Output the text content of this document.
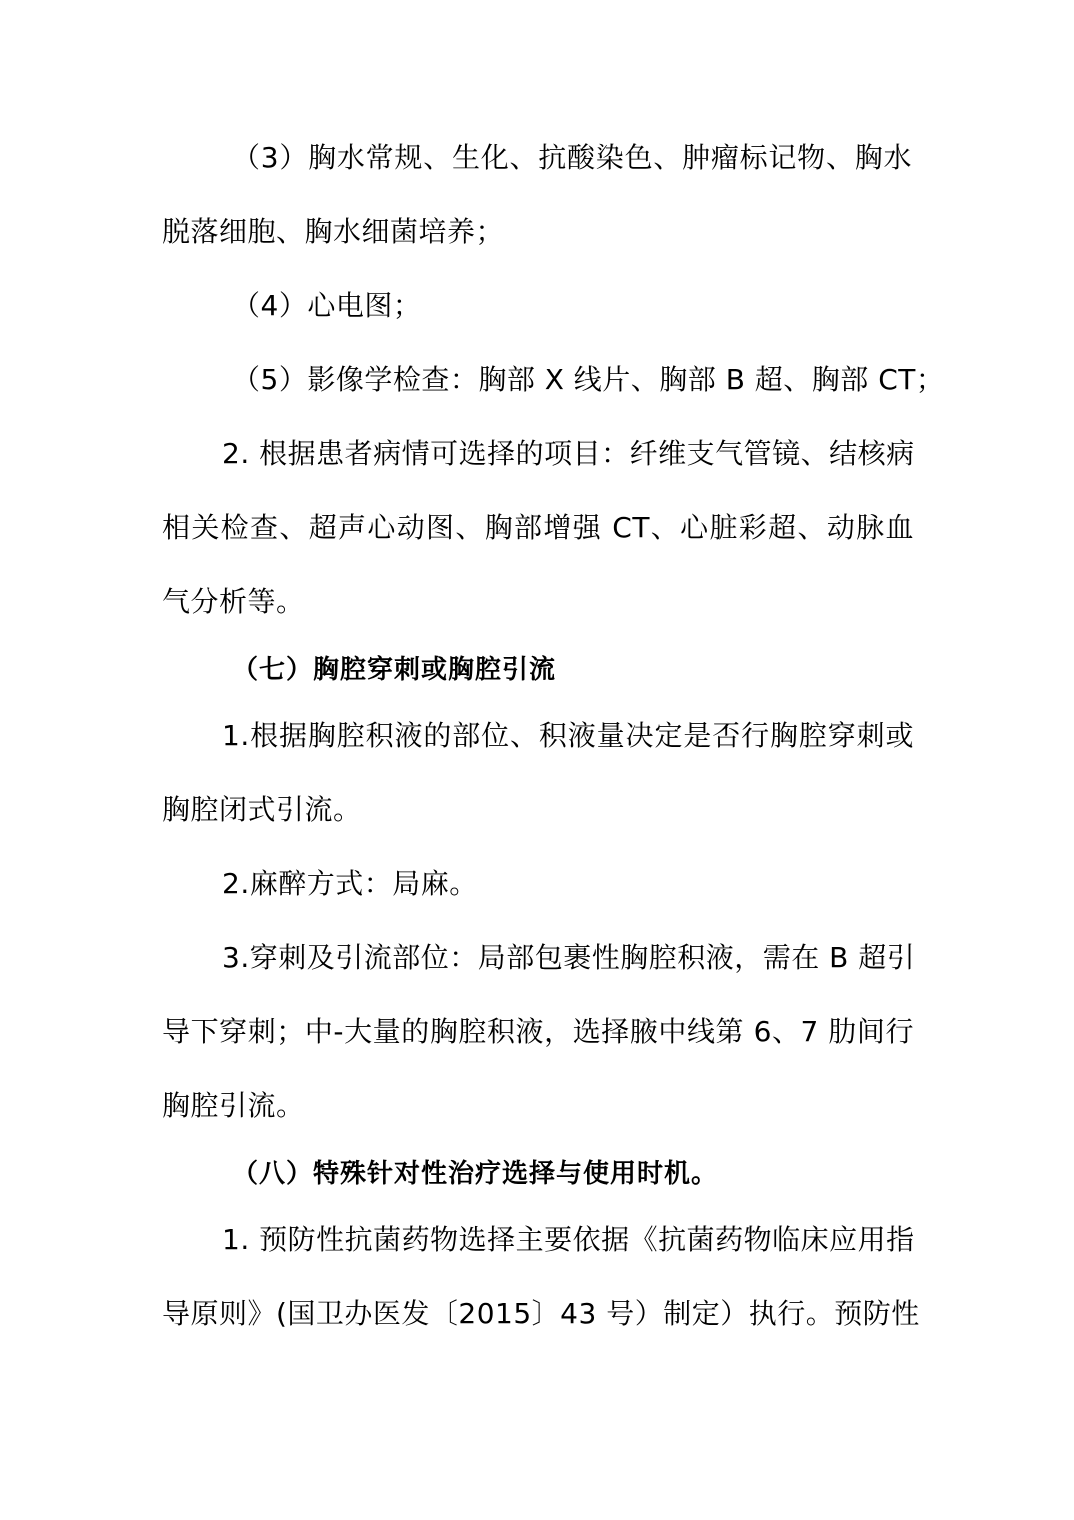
（3）胸水常规、生化、抗酸染色、肿瘤标记物、胸水
脱落细胞、胸水细菌培养；
（4）心电图；
（5）影像学检查：胸部 X 线片、胸部 B 超、胸部 CT；
2. 根据患者病情可选择的项目：纤维支气管镜、结核病
相关检查、超声心动图、胸部增强 CT、心脏彩超、动脉血
气分析等。
（七）胸腔穿刺或胸腔引流
1.根据胸腔积液的部位、积液量决定是否行胸腔穿刺或
胸腔闭式引流。
2.麻醉方式：局麻。
3.穿刺及引流部位：局部包裹性胸腔积液，需在 B 超引
导下穿刺；中-大量的胸腔积液，选择腋中线第 6、7 肋间行
胸腔引流。
（八）特殊针对性治疗选择与使用时机。
1. 预防性抗菌药物选择主要依据《抗菌药物临床应用指
导原则》(国卫办医发〔2015〕43 号）制定）执行。预防性
